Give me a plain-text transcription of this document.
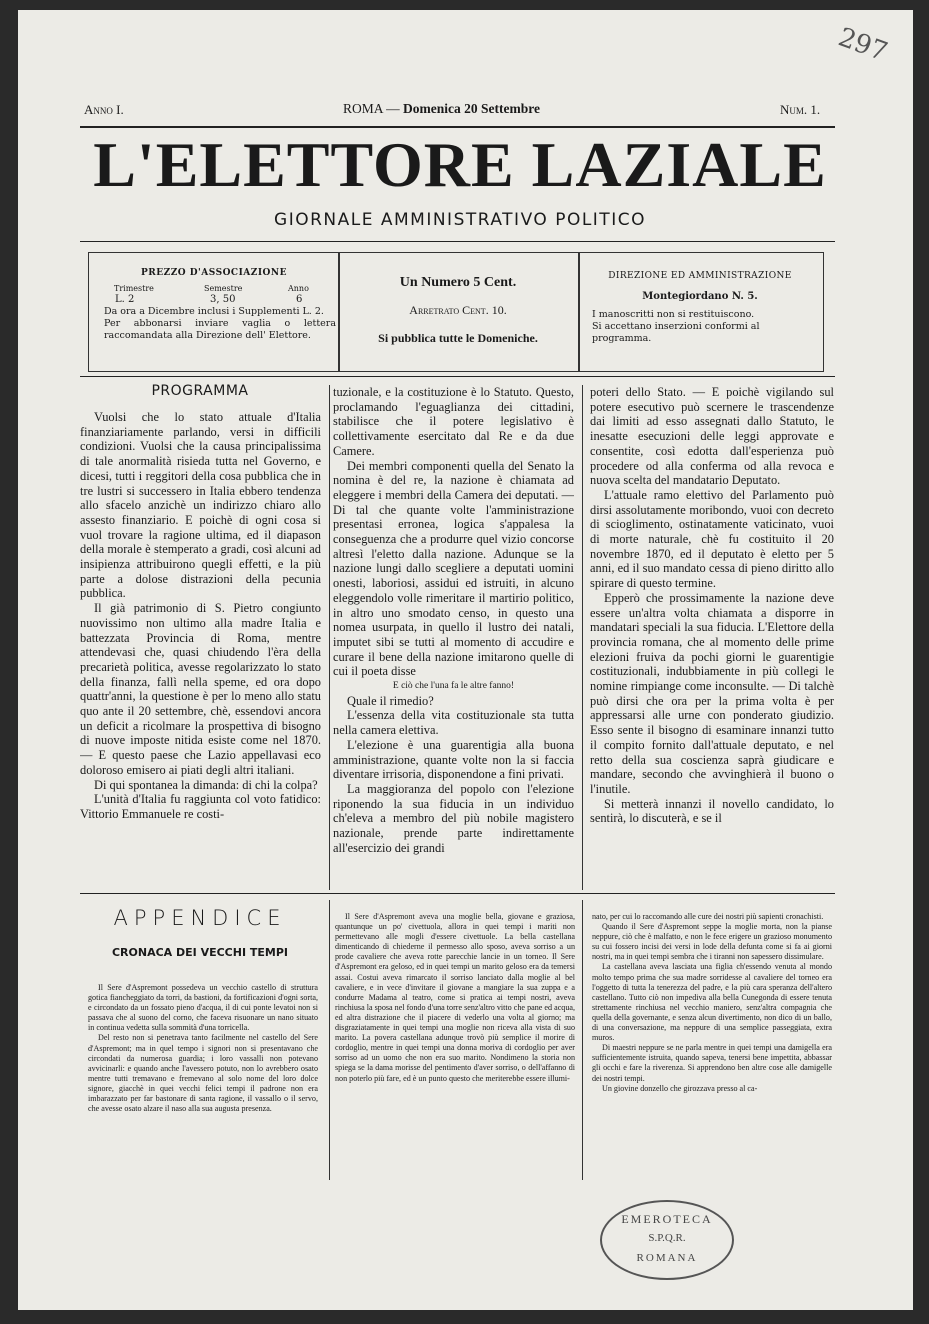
297
Anno I.	ROMA — Domenica 20 Settembre	Num. 1.
L'ELETTORE LAZIALE
GIORNALE AMMINISTRATIVO POLITICO
PREZZO D'ASSOCIAZIONE
Trimestre	Semestre	Anno
L. 2	3, 50	6
Da ora a Dicembre inclusi i Supplementi L. 2.
Per abbonarsi inviare vaglia o lettera raccomandata alla Direzione dell' Elettore.
Un Numero 5 Cent.
Arretrato Cent. 10.
Si pubblica tutte le Domeniche.
DIREZIONE ED AMMINISTRAZIONE
Montegiordano N. 5.
I manoscritti non si restituiscono.
Si accettano inserzioni conformi al programma.
PROGRAMMA

Vuolsi che lo stato attuale d'Italia finanziariamente parlando, versi in difficili condizioni. Vuolsi che la causa principalissima di tale anormalità risieda tutta nel Governo, e dicesi, tutti i reggitori della cosa pubblica che in tre lustri si successero in Italia ebbero tendenza allo sfacelo anzichè un indirizzo chiaro allo assesto finanziario. E poichè di ogni cosa si vuol trovare la ragione ultima, ed il diapason della morale è stemperato a gradi, così alcuni ad insipienza attribuirono quegli effetti, e la più parte a dolose distrazioni della pecunia pubblica.

Il già patrimonio di S. Pietro congiunto nuovissimo non ultimo alla madre Italia e battezzata Provincia di Roma, mentre attendevasi che, quasi chiudendo l'èra della precarietà politica, avesse regolarizzato lo stato della finanza, fallì nella speme, ed ora dopo quattr'anni, la questione è per lo meno allo statu quo ante il 20 settembre, chè, essendovi ancora un deficit a ricolmare la prospettiva di bisogno di nuove imposte nitida esiste come nel 1870. — E questo paese che Lazio appellavasi eco doloroso emisero ai piati degli altri italiani.

Di qui spontanea la dimanda: di chi la colpa?

L'unità d'Italia fu raggiunta col voto fatidico: Vittorio Emmanuele re costi-

tuzionale, e la costituzione è lo Statuto. Questo, proclamando l'eguaglianza dei cittadini, stabilisce che il potere legislativo è collettivamente esercitato dal Re e da due Camere.

Dei membri componenti quella del Senato la nomina è del re, la nazione è chiamata ad eleggere i membri della Camera dei deputati. — Di tal che quante volte l'amministrazione presentasi erronea, logica s'appalesa la conseguenza che a produrre quel vizio concorse altresì l'eletto dalla nazione. Adunque se la nazione lungi dallo scegliere a deputati uomini onesti, laboriosi, assidui ed istruiti, in alcuno eleggendolo volle rimeritare il martirio politico, in altro uno smodato censo, in questo una nomea usurpata, in quello il lustro dei natali, imputet sibi se tutti al momento di accudire e curare il bene della nazione imitarono quelle di cui il poeta disse

E ciò che l'una fa le altre fanno!

Quale il rimedio?

L'essenza della vita costituzionale sta tutta nella camera elettiva.

L'elezione è una guarentigia alla buona amministrazione, quante volte non la si faccia diventare irrisoria, disponendone a fini privati.

La maggioranza del popolo con l'elezione riponendo la sua fiducia in un individuo ch'eleva a membro del più nobile magistero nazionale, prende parte indirettamente all'esercizio dei grandi

poteri dello Stato. — E poichè vigilando sul potere esecutivo può scernere le trascendenze dai limiti ad esso assegnati dallo Statuto, le inesatte esecuzioni delle leggi approvate e consentite, così edotta dall'esperienza può procedere od alla conferma od alla revoca e nuova scelta del mandatario Deputato.

L'attuale ramo elettivo del Parlamento può dirsi assolutamente moribondo, vuoi con decreto di scioglimento, ostinatamente vaticinato, vuoi di morte naturale, chè fu costituito il 20 novembre 1870, ed il deputato è eletto per 5 anni, ed il suo mandato cessa di pieno diritto allo spirare di questo termine.

Epperò che prossimamente la nazione deve essere un'altra volta chiamata a disporre in mandatari speciali la sua fiducia. L'Elettore della provincia romana, che al momento delle prime elezioni fruiva da pochi giorni le guarentigie costituzionali, indubbiamente in più collegi le nomine rimpiange come inconsulte. — Di talchè può dirsi che ora per la prima volta è per appressarsi alle urne con ponderato giudizio. Esso sente il bisogno di esaminare innanzi tutto il compito fornito dall'attuale deputato, e nel retto della sua coscienza saprà giudicare e mandare, secondo che avvinghierà il buono o l'inutile.

Si metterà innanzi il novello candidato, lo sentirà, lo discuterà, e se il

APPENDICE
CRONACA DEI VECCHI TEMPI

Il Sere d'Aspremont possedeva un vecchio castello di struttura gotica fiancheggiato da torri, da bastioni, da fortificazioni d'ogni sorta, e circondato da un fossato pieno d'acqua, il di cui ponte levatoi non si passava che al suono del corno, che faceva risuonare un nano situato in continua vedetta sulla sommità d'una torricella.

Del resto non si penetrava tanto facilmente nel castello del Sere d'Aspremont; ma in quel tempo i signori non si presentavano che circondati da numerosa guardia; i loro vassalli non potevano avvicinarli: e quando anche l'avessero potuto, non lo avrebbero osato mentre tutti tremavano e fremevano al solo nome del loro dolce signore, giacchè in quei vecchi felici tempi il padrone non era imbarazzato per far bastonare di santa ragione, il vassallo o il servo, che avesse osato alzare il naso alla sua augusta presenza.

Il Sere d'Aspremont aveva una moglie bella, giovane e graziosa, quantunque un po' civettuola, allora in quei tempi i mariti non permettevano alle mogli d'essere civettuole. La bella castellana dimenticando di chiederne il permesso allo sposo, aveva sorriso a un prode cavaliere che aveva rotte parecchie lancie in un torneo. Il Sere d'Aspremont era geloso, ed in quei tempi un marito geloso era da temersi assai. Costui aveva rimarcato il sorriso lanciato dalla moglie al bel cavaliere, e in vece d'invitare il giovane a mangiare la sua zuppa e a condurre Madama al teatro, come si pratica ai tempi nostri, aveva rinchiusa la sposa nel fondo d'una torre senz'altro vitto che pane ed acqua, ed altra distrazione che il piacere di vederlo una volta al giorno; ma disgraziatamente in quei tempi una moglie non riceva alla vista di suo marito. La povera castellana adunque trovò più semplice il morire di cordoglio, mentre in quei tempi una donna moriva di cordoglio per aver sorriso ad un uomo che non era suo marito. Nondimeno la storia non spiega se la dama morisse del pentimento d'aver sorriso, o dell'affanno di non poterlo più fare, ed è un punto questo che meriterebbe essere illumi-

nato, per cui lo raccomando alle cure dei nostri più sapienti cronachisti.

Quando il Sere d'Aspremont seppe la moglie morta, non la pianse neppure, ciò che è malfatto, e non le fece erigere un grazioso monumento su cui fossero incisi dei versi in lode della defunta come si fa ai giorni nostri, ma in quei tempi sembra che i tiranni non sapessero dissimulare.

La castellana aveva lasciata una figlia ch'essendo venuta al mondo molto tempo prima che sua madre sorridesse al cavaliere del torneo era l'oggetto di tutta la tenerezza del padre, e la più cara speranza dell'altero castellano. Tutto ciò non impediva alla bella Cunegonda di essere tenuta strettamente rinchiusa nel vecchio maniero, senz'altra compagnia che quella della governante, e senza alcun divertimento, non dico di un ballo, di una conversazione, ma neppure di una semplice passeggiata, extra muros.

Di maestri neppure se ne parla mentre in quei tempi una damigella era sufficientemente istruita, quando sapeva, tenersi bene impettita, abbassar gli occhi e fare la riverenza. Si apprendono ben altre cose alle damigelle dei nostri tempi.

Un giovine donzello che girozzava presso al ca-

EMEROTECA
S.P.Q.R.
ROMANA
